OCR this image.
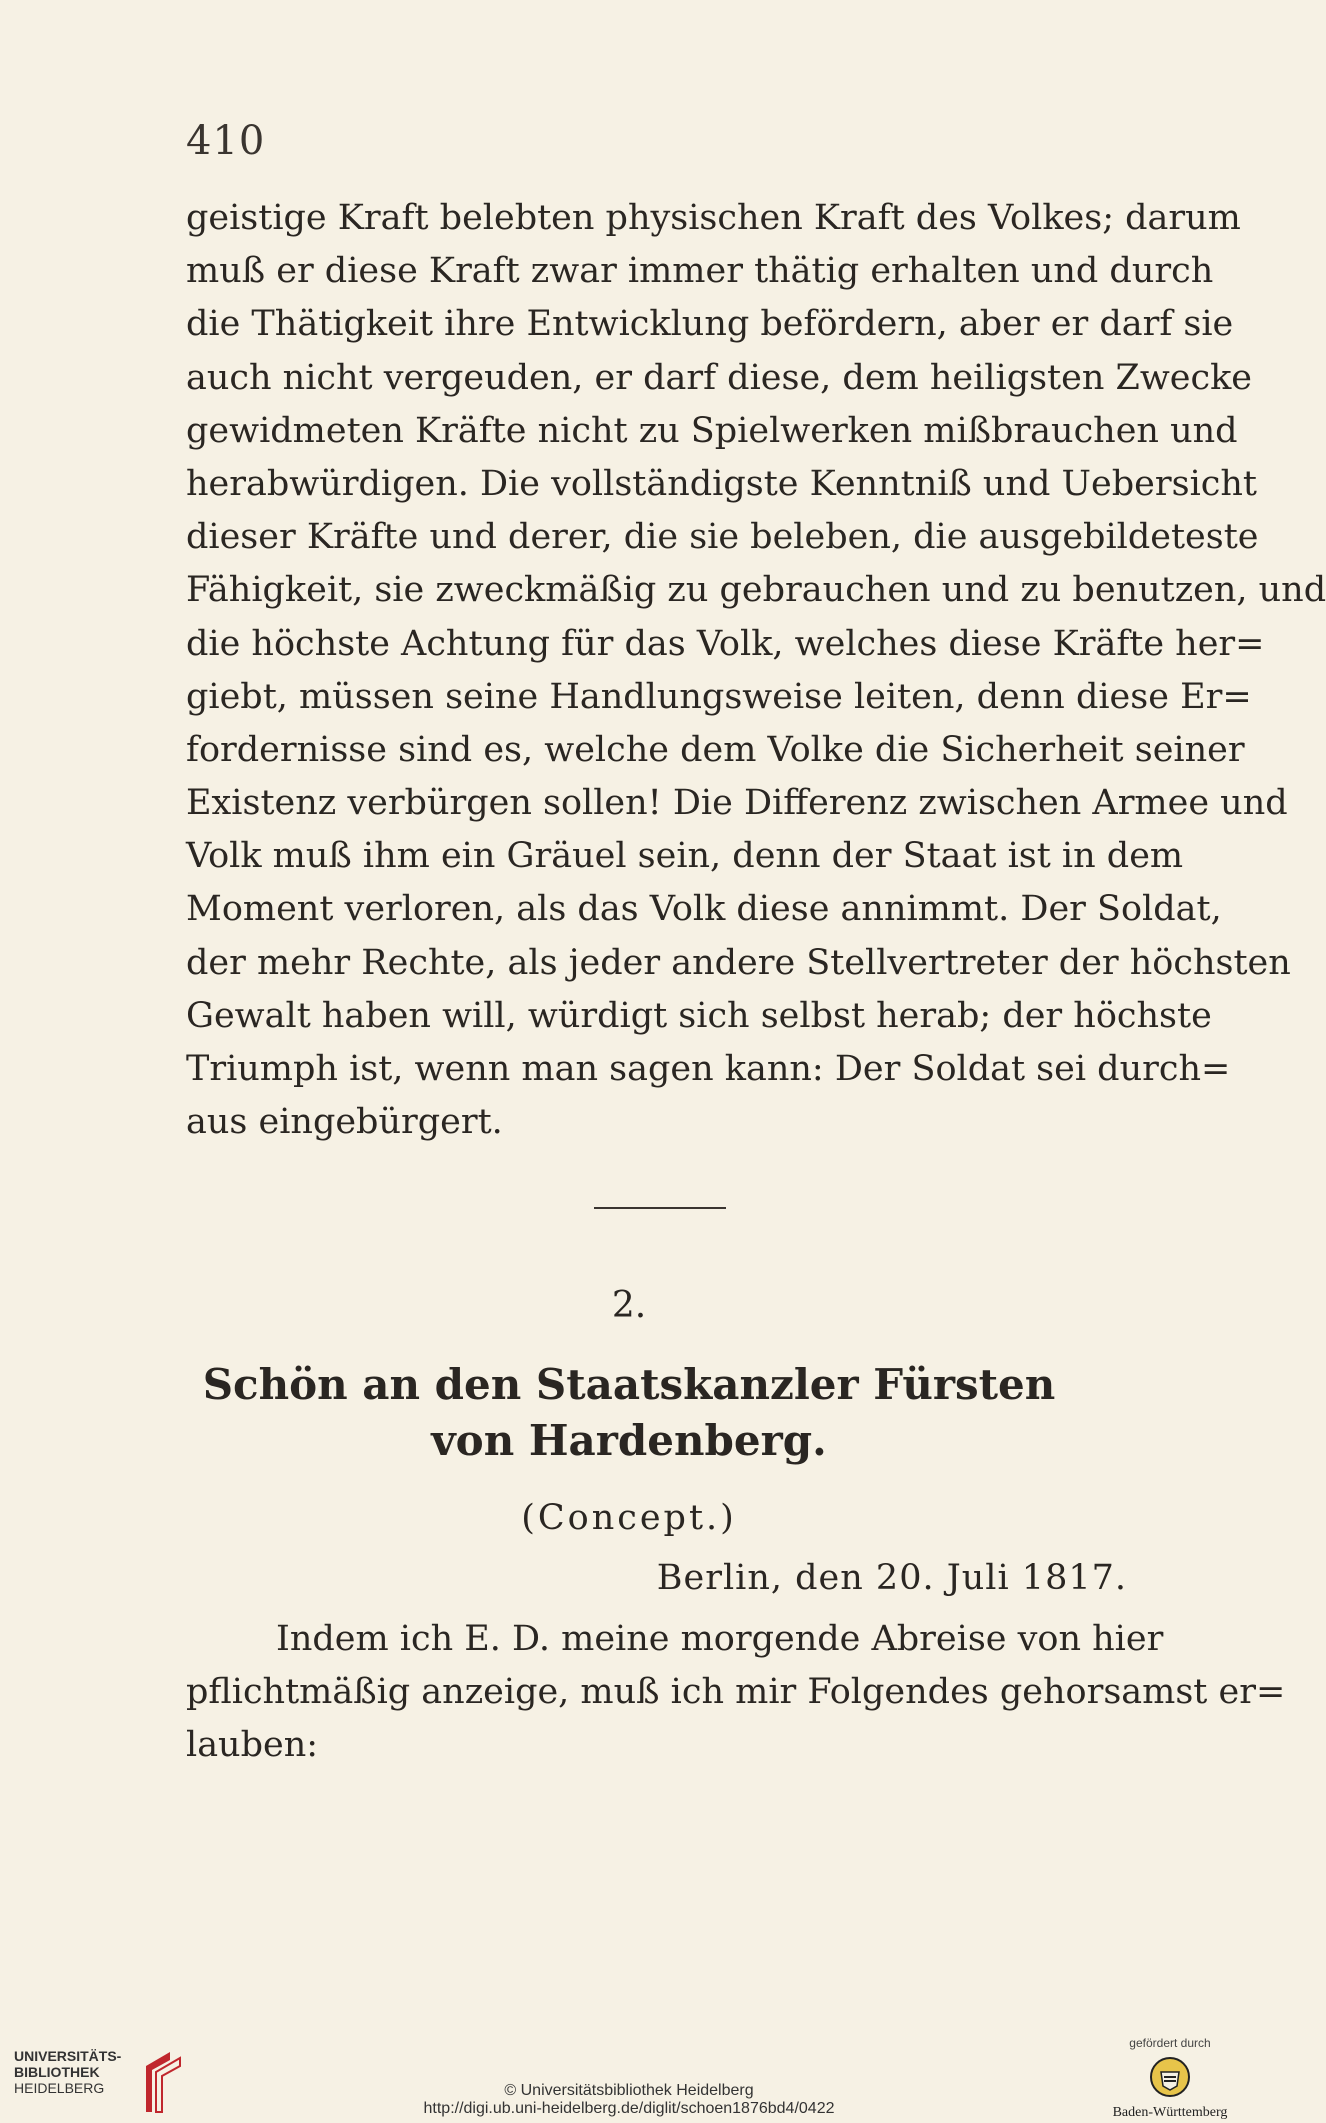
410
geistige Kraft belebten physischen Kraft des Volkes; darum
muß er diese Kraft zwar immer thätig erhalten und durch
die Thätigkeit ihre Entwicklung befördern, aber er darf sie
auch nicht vergeuden, er darf diese, dem heiligsten Zwecke
gewidmeten Kräfte nicht zu Spielwerken mißbrauchen und
herabwürdigen. Die vollständigste Kenntniß und Uebersicht
dieser Kräfte und derer, die sie beleben, die ausgebildeteste
Fähigkeit, sie zweckmäßig zu gebrauchen und zu benutzen, und
die höchste Achtung für das Volk, welches diese Kräfte her=
giebt, müssen seine Handlungsweise leiten, denn diese Er=
fordernisse sind es, welche dem Volke die Sicherheit seiner
Existenz verbürgen sollen! Die Differenz zwischen Armee und
Volk muß ihm ein Gräuel sein, denn der Staat ist in dem
Moment verloren, als das Volk diese annimmt. Der Soldat,
der mehr Rechte, als jeder andere Stellvertreter der höchsten
Gewalt haben will, würdigt sich selbst herab; der höchste
Triumph ist, wenn man sagen kann: Der Soldat sei durch=
aus eingebürgert.
2.
Schön an den Staatskanzler Fürsten
von Hardenberg.
(Concept.)
Berlin, den 20. Juli 1817.
Indem ich E. D. meine morgende Abreise von hier
pflichtmäßig anzeige, muß ich mir Folgendes gehorsamst er=
lauben:
UNIVERSITÄTS-
BIBLIOTHEK
HEIDELBERG	© Universitätsbibliothek Heidelberg
http://digi.ub.uni-heidelberg.de/diglit/schoen1876bd4/0422
gefördert durch
Baden-Württemberg
